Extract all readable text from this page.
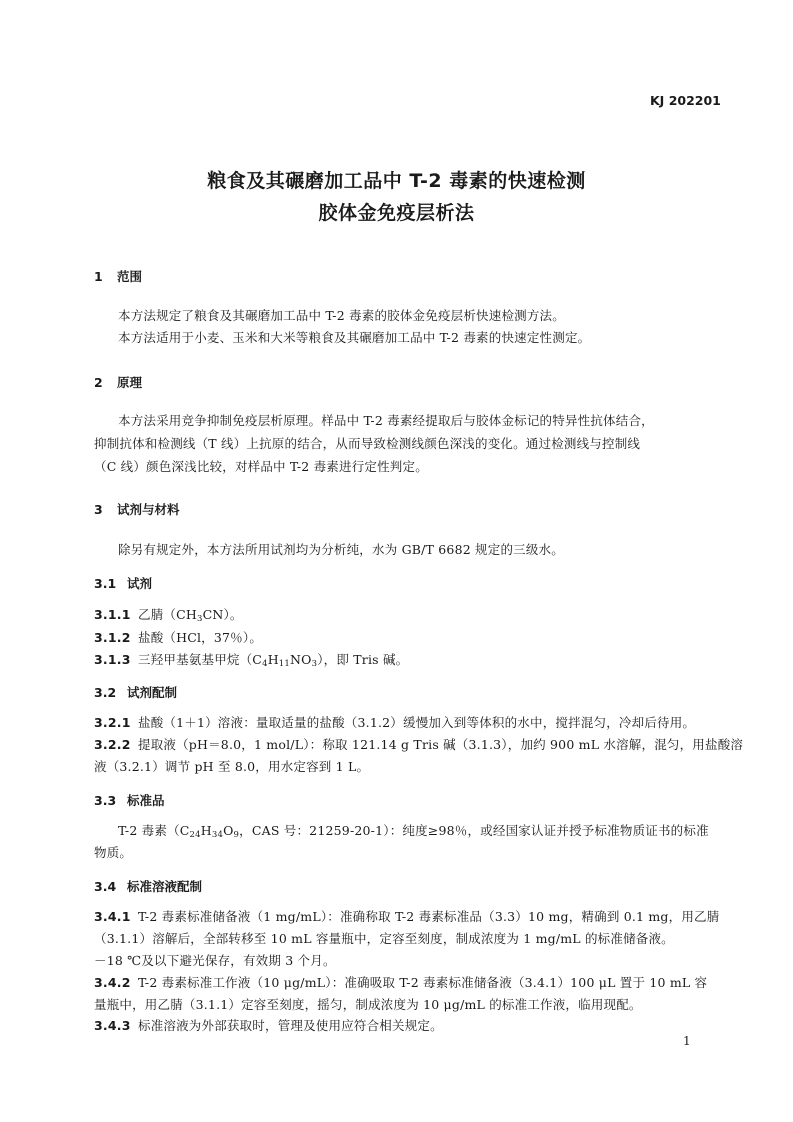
KJ 202201
粮食及其碾磨加工品中 T-2 毒素的快速检测
胶体金免疫层析法
1 范围
本方法规定了粮食及其碾磨加工品中 T-2 毒素的胶体金免疫层析快速检测方法。
本方法适用于小麦、玉米和大米等粮食及其碾磨加工品中 T-2 毒素的快速定性测定。
2 原理
本方法采用竞争抑制免疫层析原理。样品中 T-2 毒素经提取后与胶体金标记的特异性抗体结合，
抑制抗体和检测线（T 线）上抗原的结合，从而导致检测线颜色深浅的变化。通过检测线与控制线
（C 线）颜色深浅比较，对样品中 T-2 毒素进行定性判定。
3 试剂与材料
除另有规定外，本方法所用试剂均为分析纯，水为 GB/T 6682 规定的三级水。
3.1 试剂
3.1.1 乙腈$(CH_3CN)$。
3.1.2 盐酸（HCl，37％）。
3.1.3 三羟甲基氨基甲烷$(C_4H_{11}NO_3)$，即 Tris 碱。
3.2 试剂配制
3.2.1 盐酸（1＋1）溶液：量取适量的盐酸（3.1.2）缓慢加入到等体积的水中，搅拌混匀，冷却后待用。
3.2.2 提取液（pH＝8.0，1 mol/L）：称取 121.14 g Tris 碱（3.1.3），加约 900 mL 水溶解，混匀，用盐酸溶
液（3.2.1）调节 pH 至 8.0，用水定容到 1 L。
3.3 标准品
T-2 毒素（$C_{24}H_{34}O_9$，CAS 号：21259-20-1）：纯度≥98％，或经国家认证并授予标准物质证书的标准
物质。
3.4 标准溶液配制
3.4.1 T-2 毒素标准储备液（1 mg/mL）：准确称取 T-2 毒素标准品（3.3）10 mg，精确到 0.1 mg，用乙腈
（3.1.1）溶解后，全部转移至 10 mL 容量瓶中，定容至刻度，制成浓度为 1 mg/mL 的标准储备液。
－18 ℃及以下避光保存，有效期 3 个月。
3.4.2 T-2 毒素标准工作液（10 μg/mL）：准确吸取 T-2 毒素标准储备液（3.4.1）100 μL 置于 10 mL 容
量瓶中，用乙腈（3.1.1）定容至刻度，摇匀，制成浓度为 10 μg/mL 的标准工作液，临用现配。
3.4.3 标准溶液为外部获取时，管理及使用应符合相关规定。
1
